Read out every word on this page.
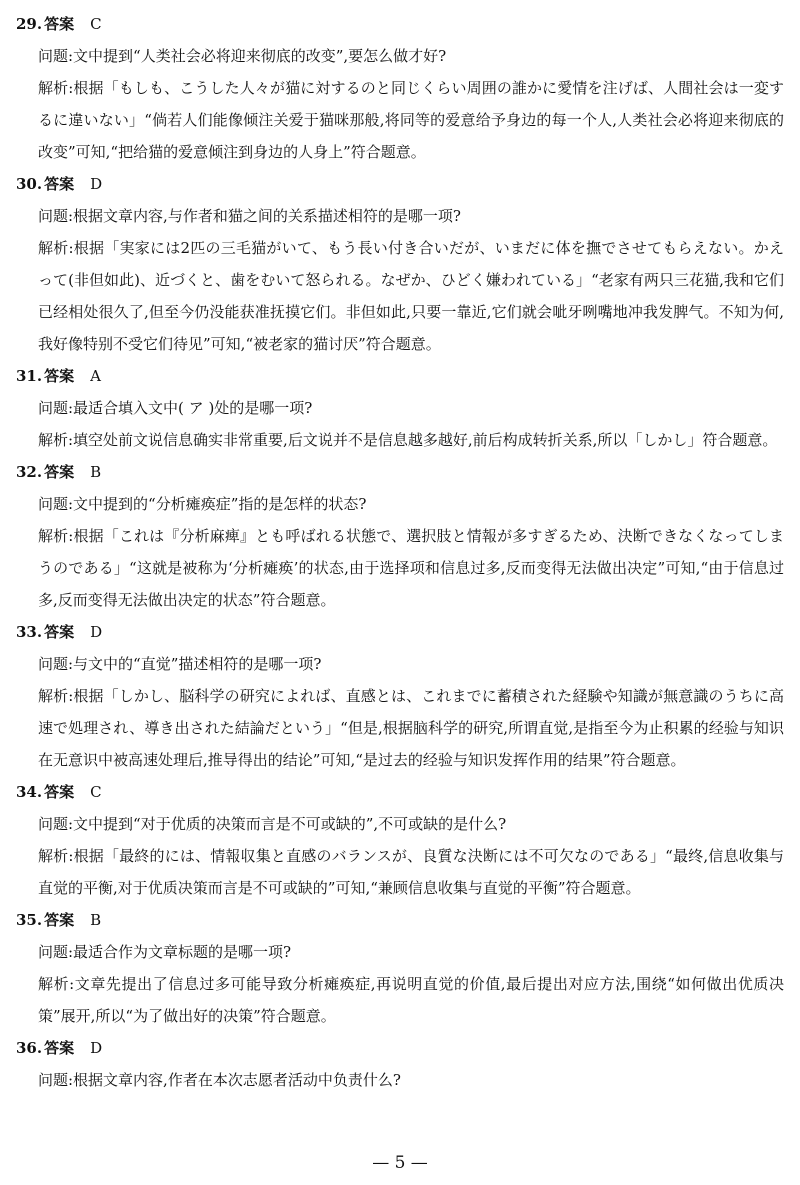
29. 答案 C
问题:文中提到“人类社会必将迎来彻底的改变”,要怎么做才好?
解析:根据「もしも、こうした人々が猫に対するのと同じくらい周囲の誰かに愛情を注げば、人間社会は一変するに違いない」“倘若人们能像倾注关爱于猫咪那般,将同等的爱意给予身边的每一个人,人类社会必将迎来彻底的改变”可知,“把给猫的爱意倾注到身边的人身上”符合题意。
30. 答案 D
问题:根据文章内容,与作者和猫之间的关系描述相符的是哪一项?
解析:根据「実家には2匹の三毛猫がいて、もう長い付き合いだが、いまだに体を撫でさせてもらえない。かえって(非但如此)、近づくと、歯をむいて怒られる。なぜか、ひどく嫌われている」“老家有两只三花猫,我和它们已经相处很久了,但至今仍没能获准抚摸它们。非但如此,只要一靠近,它们就会呲牙咧嘴地冲我发脾气。不知为何,我好像特别不受它们待见”可知,“被老家的猫讨厌”符合题意。
31. 答案 A
问题:最适合填入文中( ア )处的是哪一项?
解析:填空处前文说信息确实非常重要,后文说并不是信息越多越好,前后构成转折关系,所以「しかし」符合题意。
32. 答案 B
问题:文中提到的“分析瘫痪症”指的是怎样的状态?
解析:根据「これは『分析麻痺』とも呼ばれる状態で、選択肢と情報が多すぎるため、決断できなくなってしまうのである」“这就是被称为‘分析瘫痪’的状态,由于选择项和信息过多,反而变得无法做出决定”可知,“由于信息过多,反而变得无法做出决定的状态”符合题意。
33. 答案 D
问题:与文中的“直觉”描述相符的是哪一项?
解析:根据「しかし、脳科学の研究によれば、直感とは、これまでに蓄積された経験や知識が無意識のうちに高速で処理され、導き出された結論だという」“但是,根据脑科学的研究,所谓直觉,是指至今为止积累的经验与知识在无意识中被高速处理后,推导得出的结论”可知,“是过去的经验与知识发挥作用的结果”符合题意。
34. 答案 C
问题:文中提到“对于优质的决策而言是不可或缺的”,不可或缺的是什么?
解析:根据「最終的には、情報収集と直感のバランスが、良質な決断には不可欠なのである」“最终,信息收集与直觉的平衡,对于优质决策而言是不可或缺的”可知,“兼顾信息收集与直觉的平衡”符合题意。
35. 答案 B
问题:最适合作为文章标题的是哪一项?
解析:文章先提出了信息过多可能导致分析瘫痪症,再说明直觉的价值,最后提出对应方法,围绕“如何做出优质决策”展开,所以“为了做出好的决策”符合题意。
36. 答案 D
问题:根据文章内容,作者在本次志愿者活动中负责什么?
— 5 —
